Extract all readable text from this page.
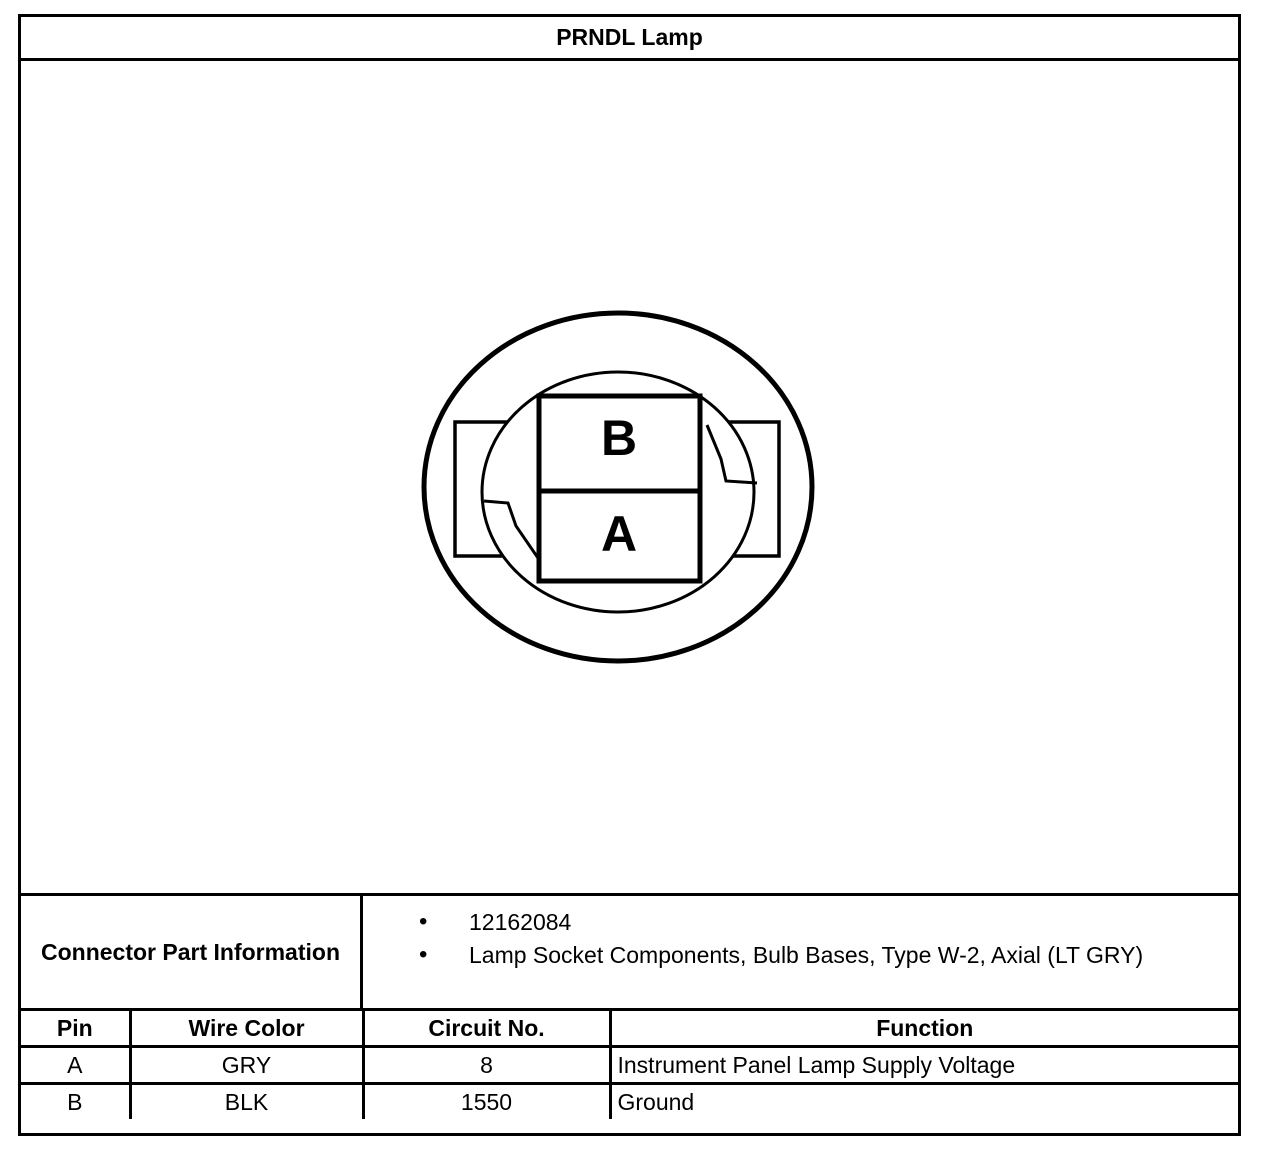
PRNDL Lamp
B
A
Connector Part Information
• 12162084
• Lamp Socket Components, Bulb Bases, Type W-2, Axial (LT GRY)
Pin	Wire Color	Circuit No.	Function
A	GRY	8	Instrument Panel Lamp Supply Voltage
B	BLK	1550	Ground
